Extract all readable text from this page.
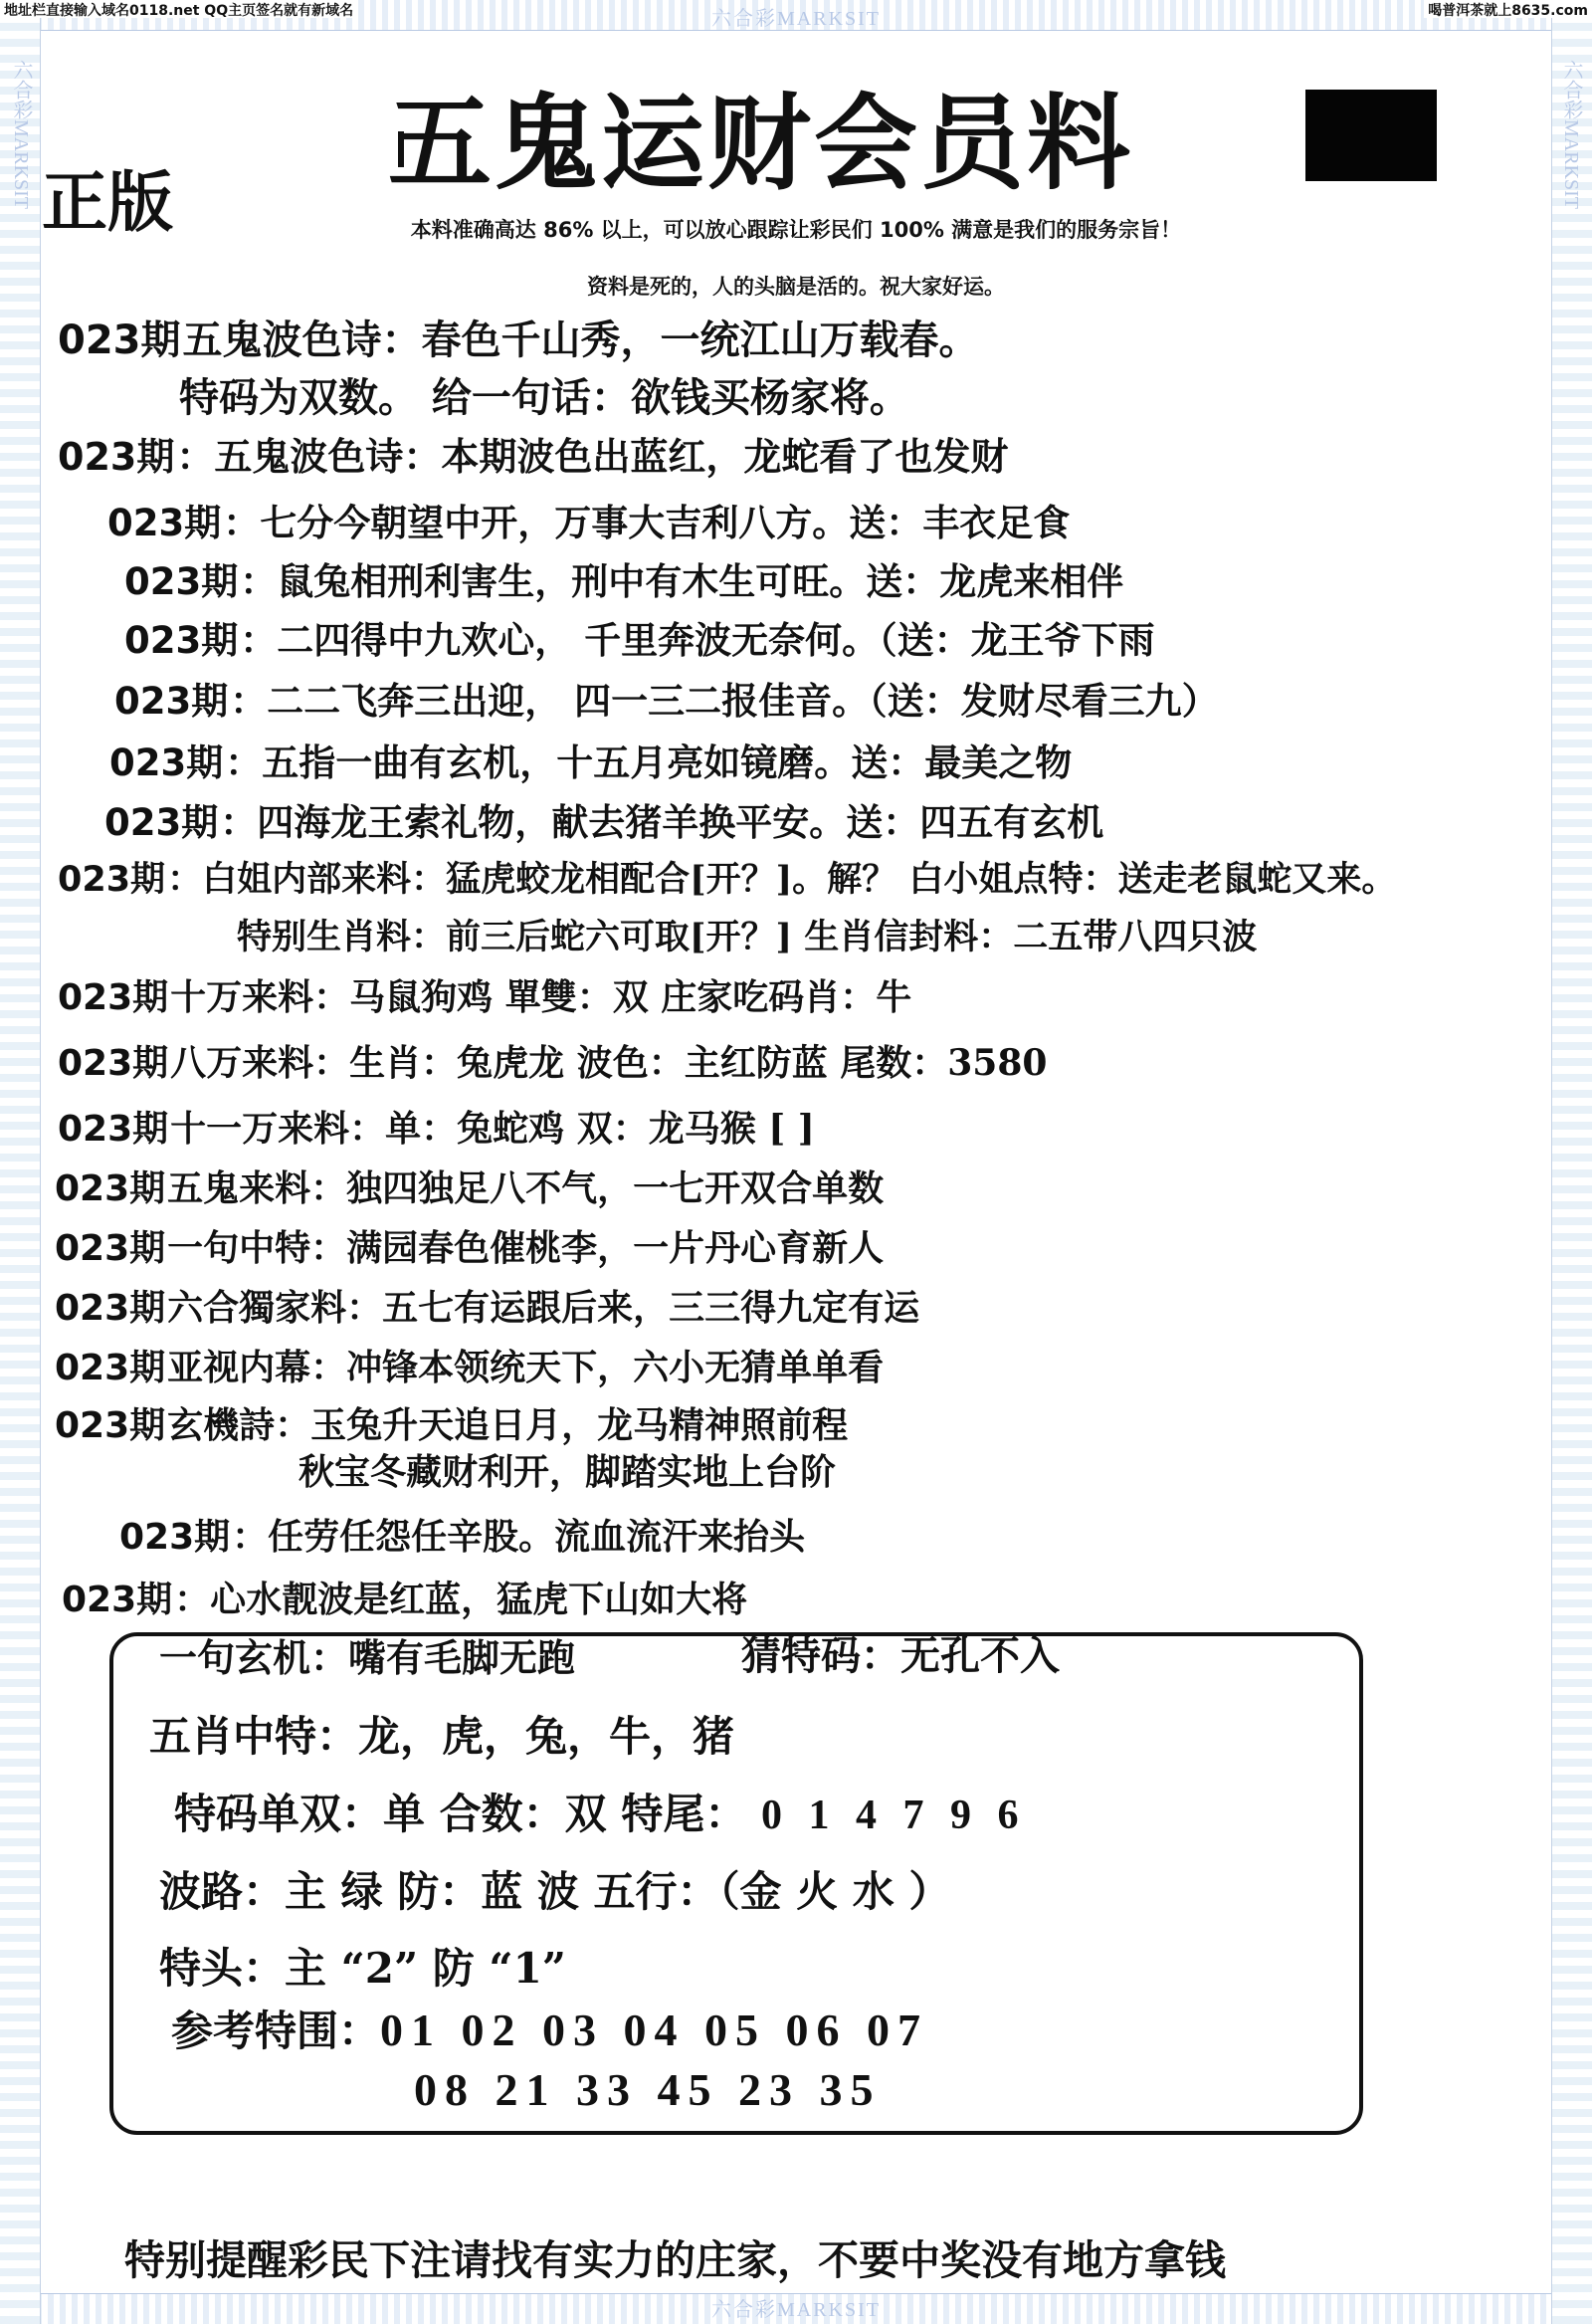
六合彩MARKSIT
六合彩MARKSIT
六合彩MARKSIT	六合彩MARKSIT
地址栏直接输入域名0118.net QQ主页签名就有新域名	喝普洱茶就上8635.com
正版 五鬼运财会员料
本料准确高达 86% 以上，可以放心跟踪让彩民们 100% 满意是我们的服务宗旨！
资料是死的，人的头脑是活的。祝大家好运。
023期五鬼波色诗：春色千山秀，一统江山万载春。
特码为双数。 给一句话：欲钱买杨家将。
023期：五鬼波色诗：本期波色出蓝红，龙蛇看了也发财
023期：七分今朝望中开，万事大吉利八方。送：丰衣足食
023期：鼠兔相刑利害生，刑中有木生可旺。送：龙虎来相伴
023期：二四得中九欢心， 千里奔波无奈何。（送：龙王爷下雨
023期：二二飞奔三出迎， 四一三二报佳音。（送：发财尽看三九）
023期：五指一曲有玄机，十五月亮如镜磨。送：最美之物
023期：四海龙王索礼物，献去猪羊换平安。送：四五有玄机
023期：白姐内部来料：猛虎蛟龙相配合[开？]。解？ 白小姐点特：送走老鼠蛇又来。
特别生肖料：前三后蛇六可取[开？] 生肖信封料：二五带八四只波
023期十万来料：马鼠狗鸡 單雙：双 庄家吃码肖：牛
023期八万来料：生肖：兔虎龙 波色：主红防蓝 尾数：3580
023期十一万来料：单：兔蛇鸡 双：龙马猴 [ ]
023期五鬼来料：独四独足八不气，一七开双合单数
023期一句中特：满园春色催桃李，一片丹心育新人
023期六合獨家料：五七有运跟后来，三三得九定有运
023期亚视内幕：冲锋本领统天下，六小无猜单单看
023期玄機詩：玉兔升天追日月，龙马精神照前程
秋宝冬藏财利开，脚踏实地上台阶
023期：任劳任怨任辛股。流血流汗来抬头
023期：心水靓波是红蓝，猛虎下山如大将
一句玄机：嘴有毛脚无跑	猜特码：无孔不入
五肖中特：龙，虎，兔，牛，猪
特码单双：单 合数：双 特尾： 0 1 4 7 9 6
波路：主 绿 防：蓝 波 五行：（金 火 水 ）
特头：主 “2” 防 “1”
参考特围：01 02 03 04 05 06 07
08 21 33 45 23 35
特别提醒彩民下注请找有实力的庄家，不要中奖没有地方拿钱
